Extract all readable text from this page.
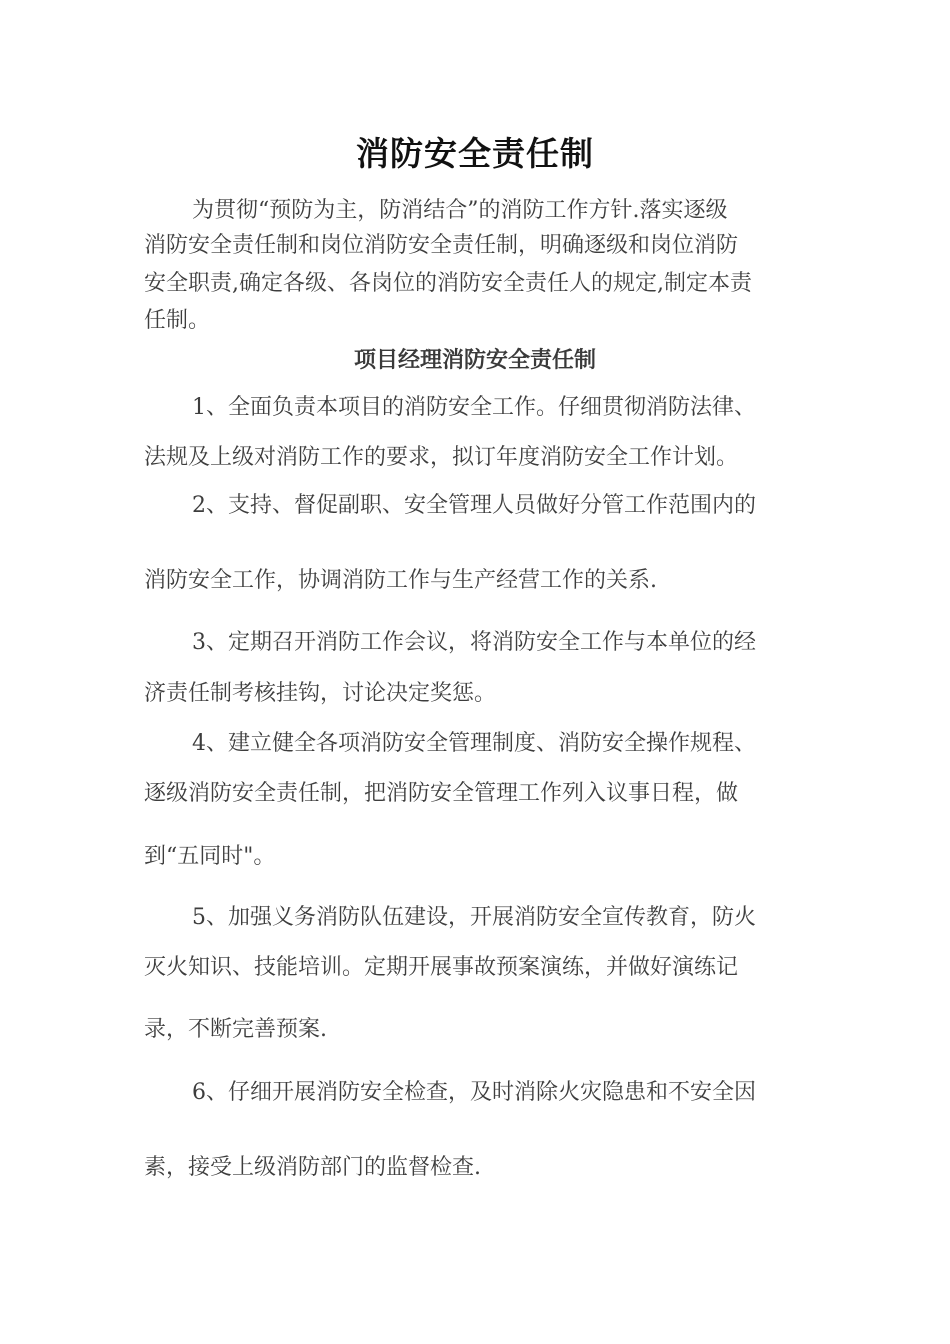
消防安全责任制
为贯彻“预防为主，防消结合”的消防工作方针.落实逐级
消防安全责任制和岗位消防安全责任制，明确逐级和岗位消防
安全职责,确定各级、各岗位的消防安全责任人的规定,制定本责
任制。
项目经理消防安全责任制
1、全面负责本项目的消防安全工作。仔细贯彻消防法律、
法规及上级对消防工作的要求，拟订年度消防安全工作计划。
2、支持、督促副职、安全管理人员做好分管工作范围内的
消防安全工作，协调消防工作与生产经营工作的关系.
3、定期召开消防工作会议，将消防安全工作与本单位的经
济责任制考核挂钩，讨论决定奖惩。
4、建立健全各项消防安全管理制度、消防安全操作规程、
逐级消防安全责任制，把消防安全管理工作列入议事日程，做
到“五同时"。
5、加强义务消防队伍建设，开展消防安全宣传教育，防火
灭火知识、技能培训。定期开展事故预案演练，并做好演练记
录，不断完善预案.
6、仔细开展消防安全检查，及时消除火灾隐患和不安全因
素，接受上级消防部门的监督检查.
